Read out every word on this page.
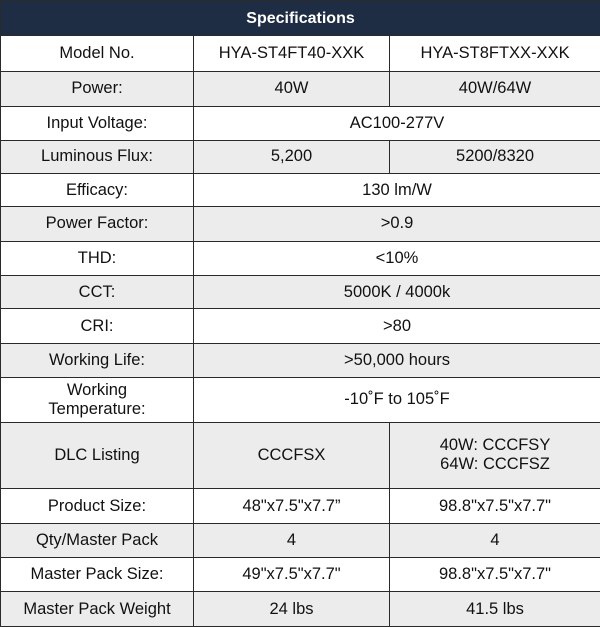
Specifications		
Model No.	HYA-ST4FT40-XXK	HYA-ST8FTXX-XXK
Power:	40W	40W/64W
Input Voltage:	AC100-277V	
Luminous Flux:	5,200	5200/8320
Efficacy:	130 lm/W	
Power Factor:	>0.9	
THD:	<10%	
CCT:	5000K / 4000k	
CRI:	>80	
Working Life:	>50,000 hours	

Working
Temperature:	-10˚F to 105˚F	
DLC Listing	CCCFSX	40W: CCCFSY
64W: CCCFSZ

Product Size:	48"x7.5"x7.7”	98.8"x7.5"x7.7"
Qty/Master Pack	4	4
Master Pack Size:	49"x7.5"x7.7"	98.8"x7.5"x7.7"
Master Pack Weight	24 lbs	41.5 lbs
